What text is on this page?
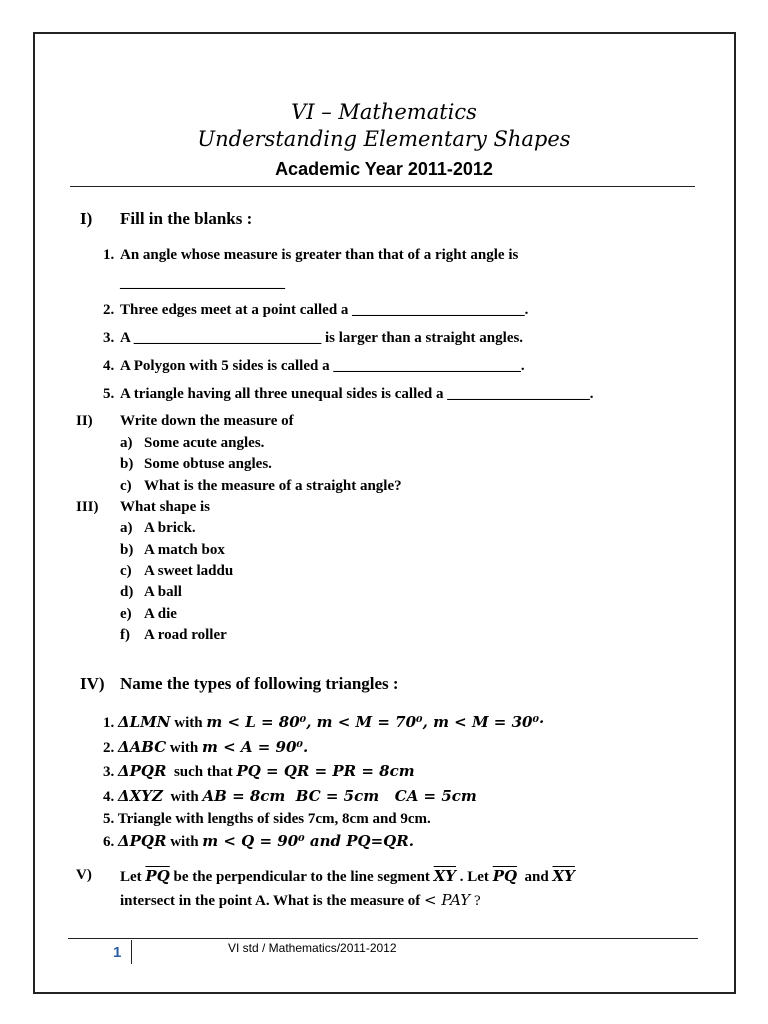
VI – Mathematics
Understanding Elementary Shapes
Academic Year 2011-2012
I) Fill in the blanks :
1. An angle whose measure is greater than that of a right angle is
______________________
2. Three edges meet at a point called a _______________________.
3. A _________________________ is larger than a straight angles.
4. A Polygon with 5 sides is called a _________________________.
5. A triangle having all three unequal sides is called a ___________________.
II) Write down the measure of
a) Some acute angles.
b) Some obtuse angles.
c) What is the measure of a straight angle?
III) What shape is
a) A brick.
b) A match box
c) A sweet laddu
d) A ball
e) A die
f) A road roller
IV) Name the types of following triangles :
1. ΔLMN with m < L = 80⁰, m < M = 70⁰, m < M = 30⁰·
2. ΔABC with m < A = 90⁰.
3. ΔPQR  such that PQ = QR = PR = 8cm
4. ΔXYZ  with AB = 8cm  BC = 5cm   CA = 5cm
5. Triangle with lengths of sides 7cm, 8cm and 9cm.
6. ΔPQR with m < Q = 90⁰ and PQ=QR.
V) Let $\overline{PQ}$ be the perpendicular to the line segment $\overline{XY}$ . Let $\overline{PQ}$  and $\overline{XY}$
intersect in the point A. What is the measure of < PAY ?
1	VI std / Mathematics/2011-2012
